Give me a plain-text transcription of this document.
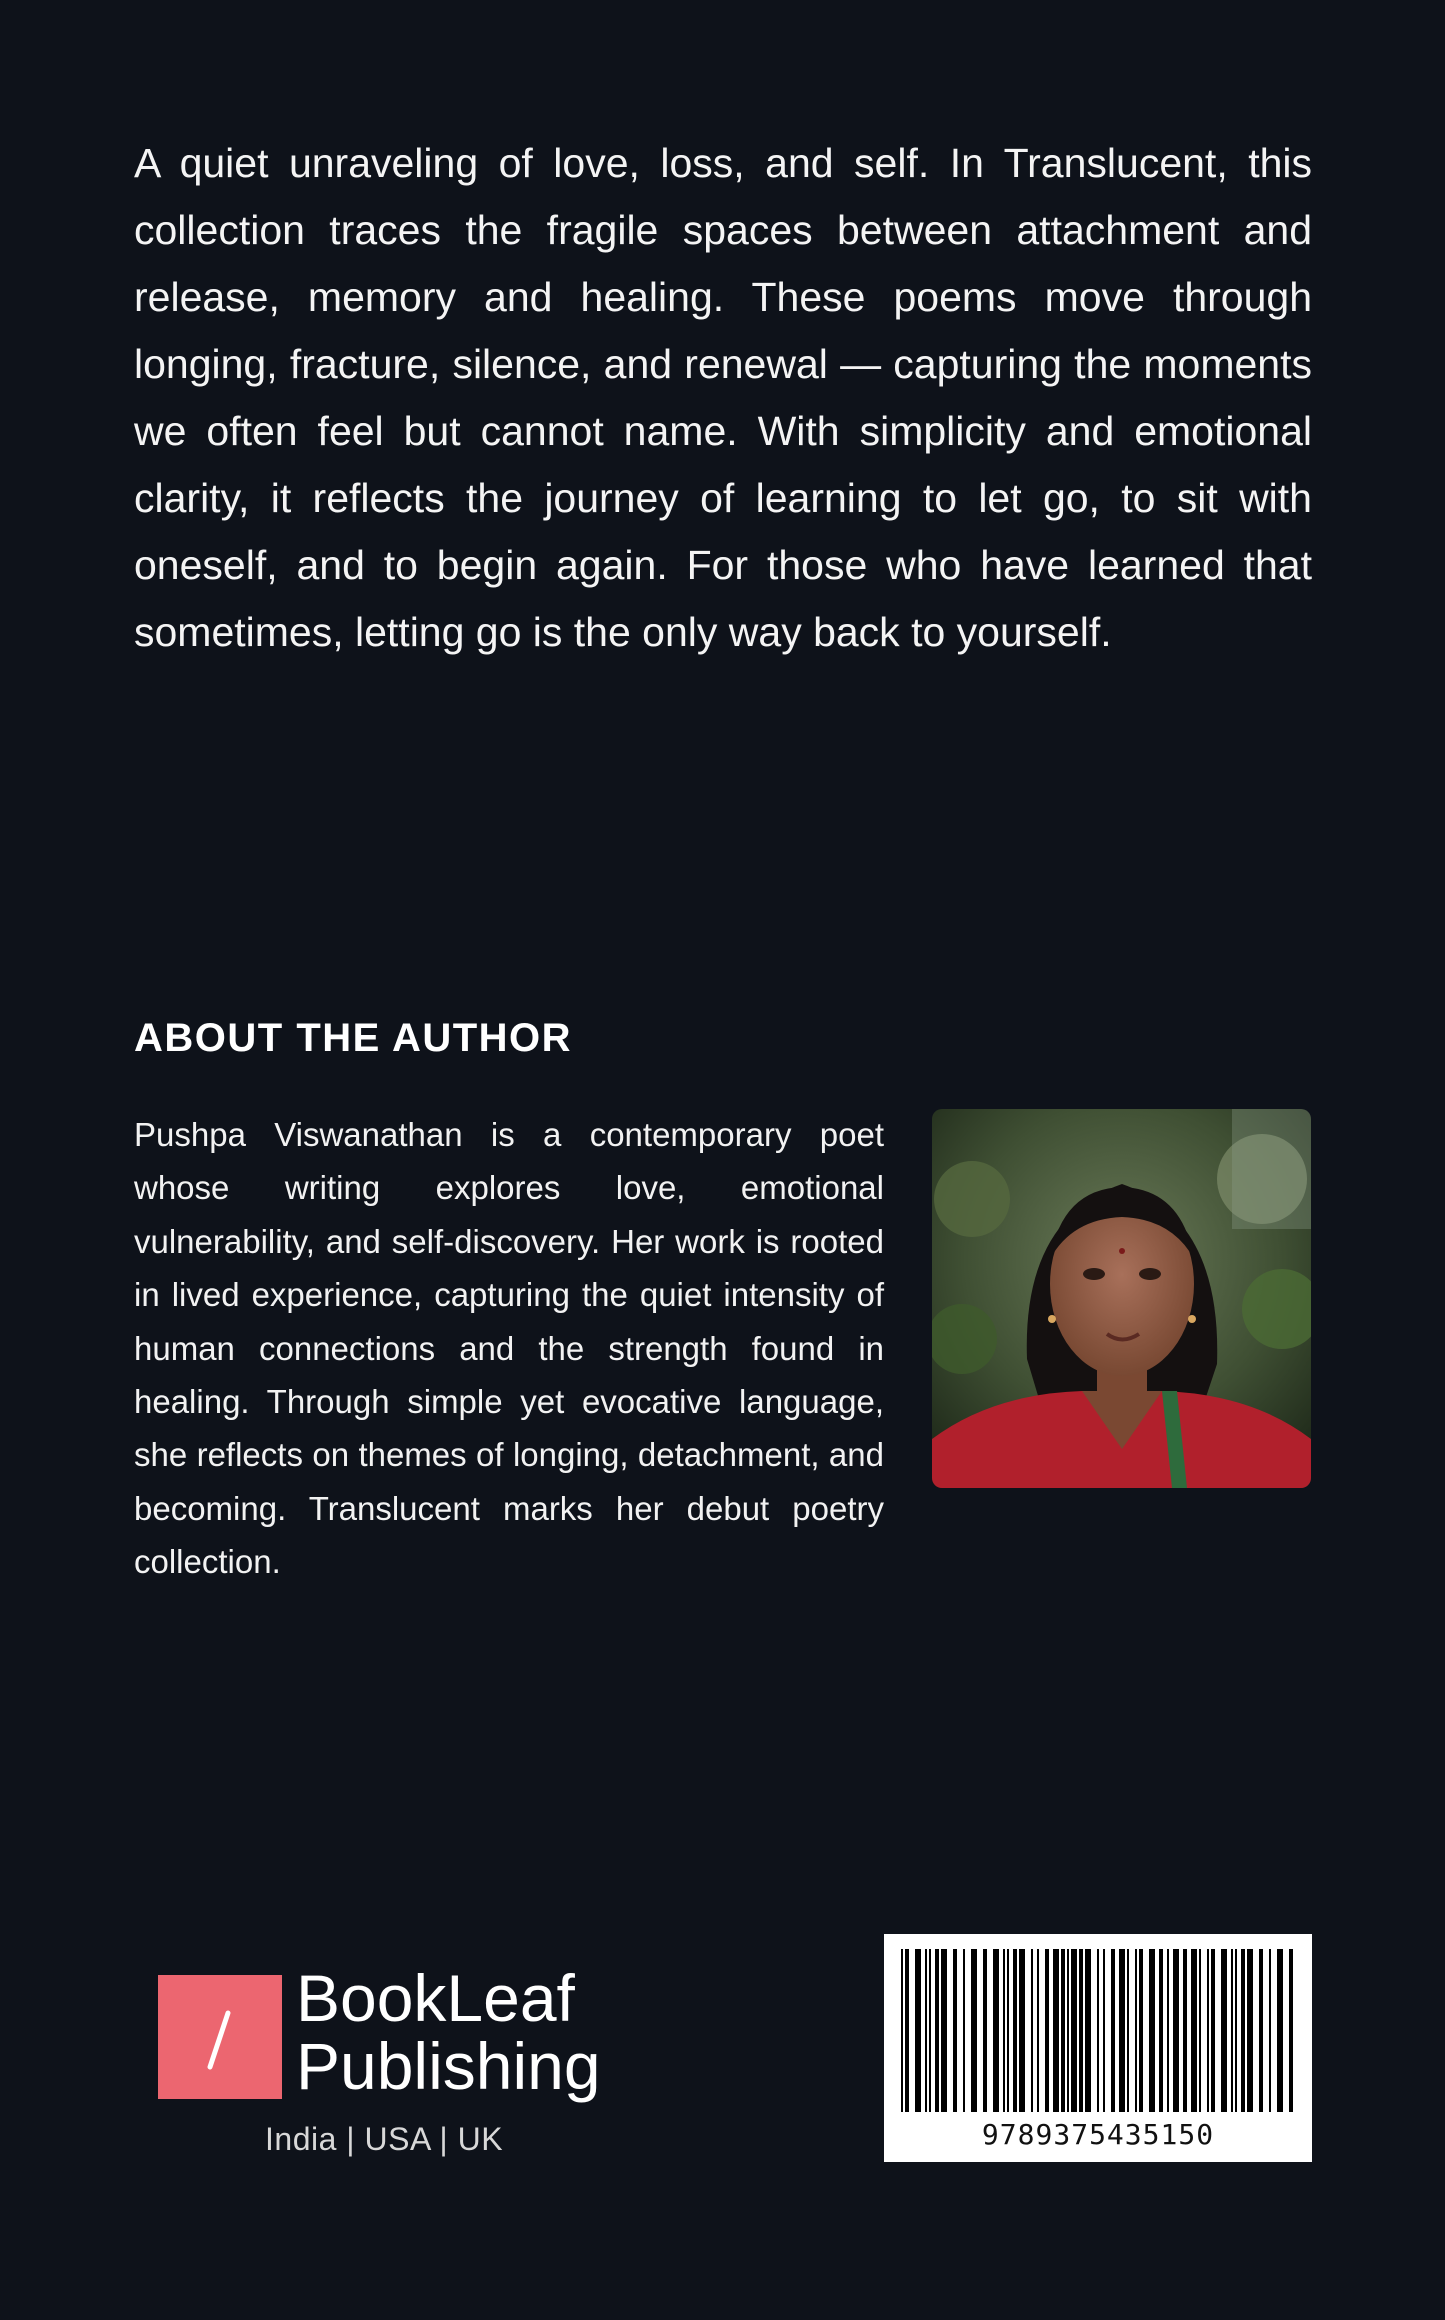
A quiet unraveling of love, loss, and self. In Translucent, this collection traces the fragile spaces between attachment and release, memory and healing. These poems move through longing, fracture, silence, and renewal — capturing the moments we often feel but cannot name. With simplicity and emotional clarity, it reflects the journey of learning to let go, to sit with oneself, and to begin again. For those who have learned that sometimes, letting go is the only way back to yourself.

ABOUT THE AUTHOR

Pushpa Viswanathan is a contemporary poet whose writing explores love, emotional vulnerability, and self-discovery. Her work is rooted in lived experience, capturing the quiet intensity of human connections and the strength found in healing. Through simple yet evocative language, she reflects on themes of longing, detachment, and becoming. Translucent marks her debut poetry collection.

BookLeaf
Publishing
India | USA | UK	9789375435150
